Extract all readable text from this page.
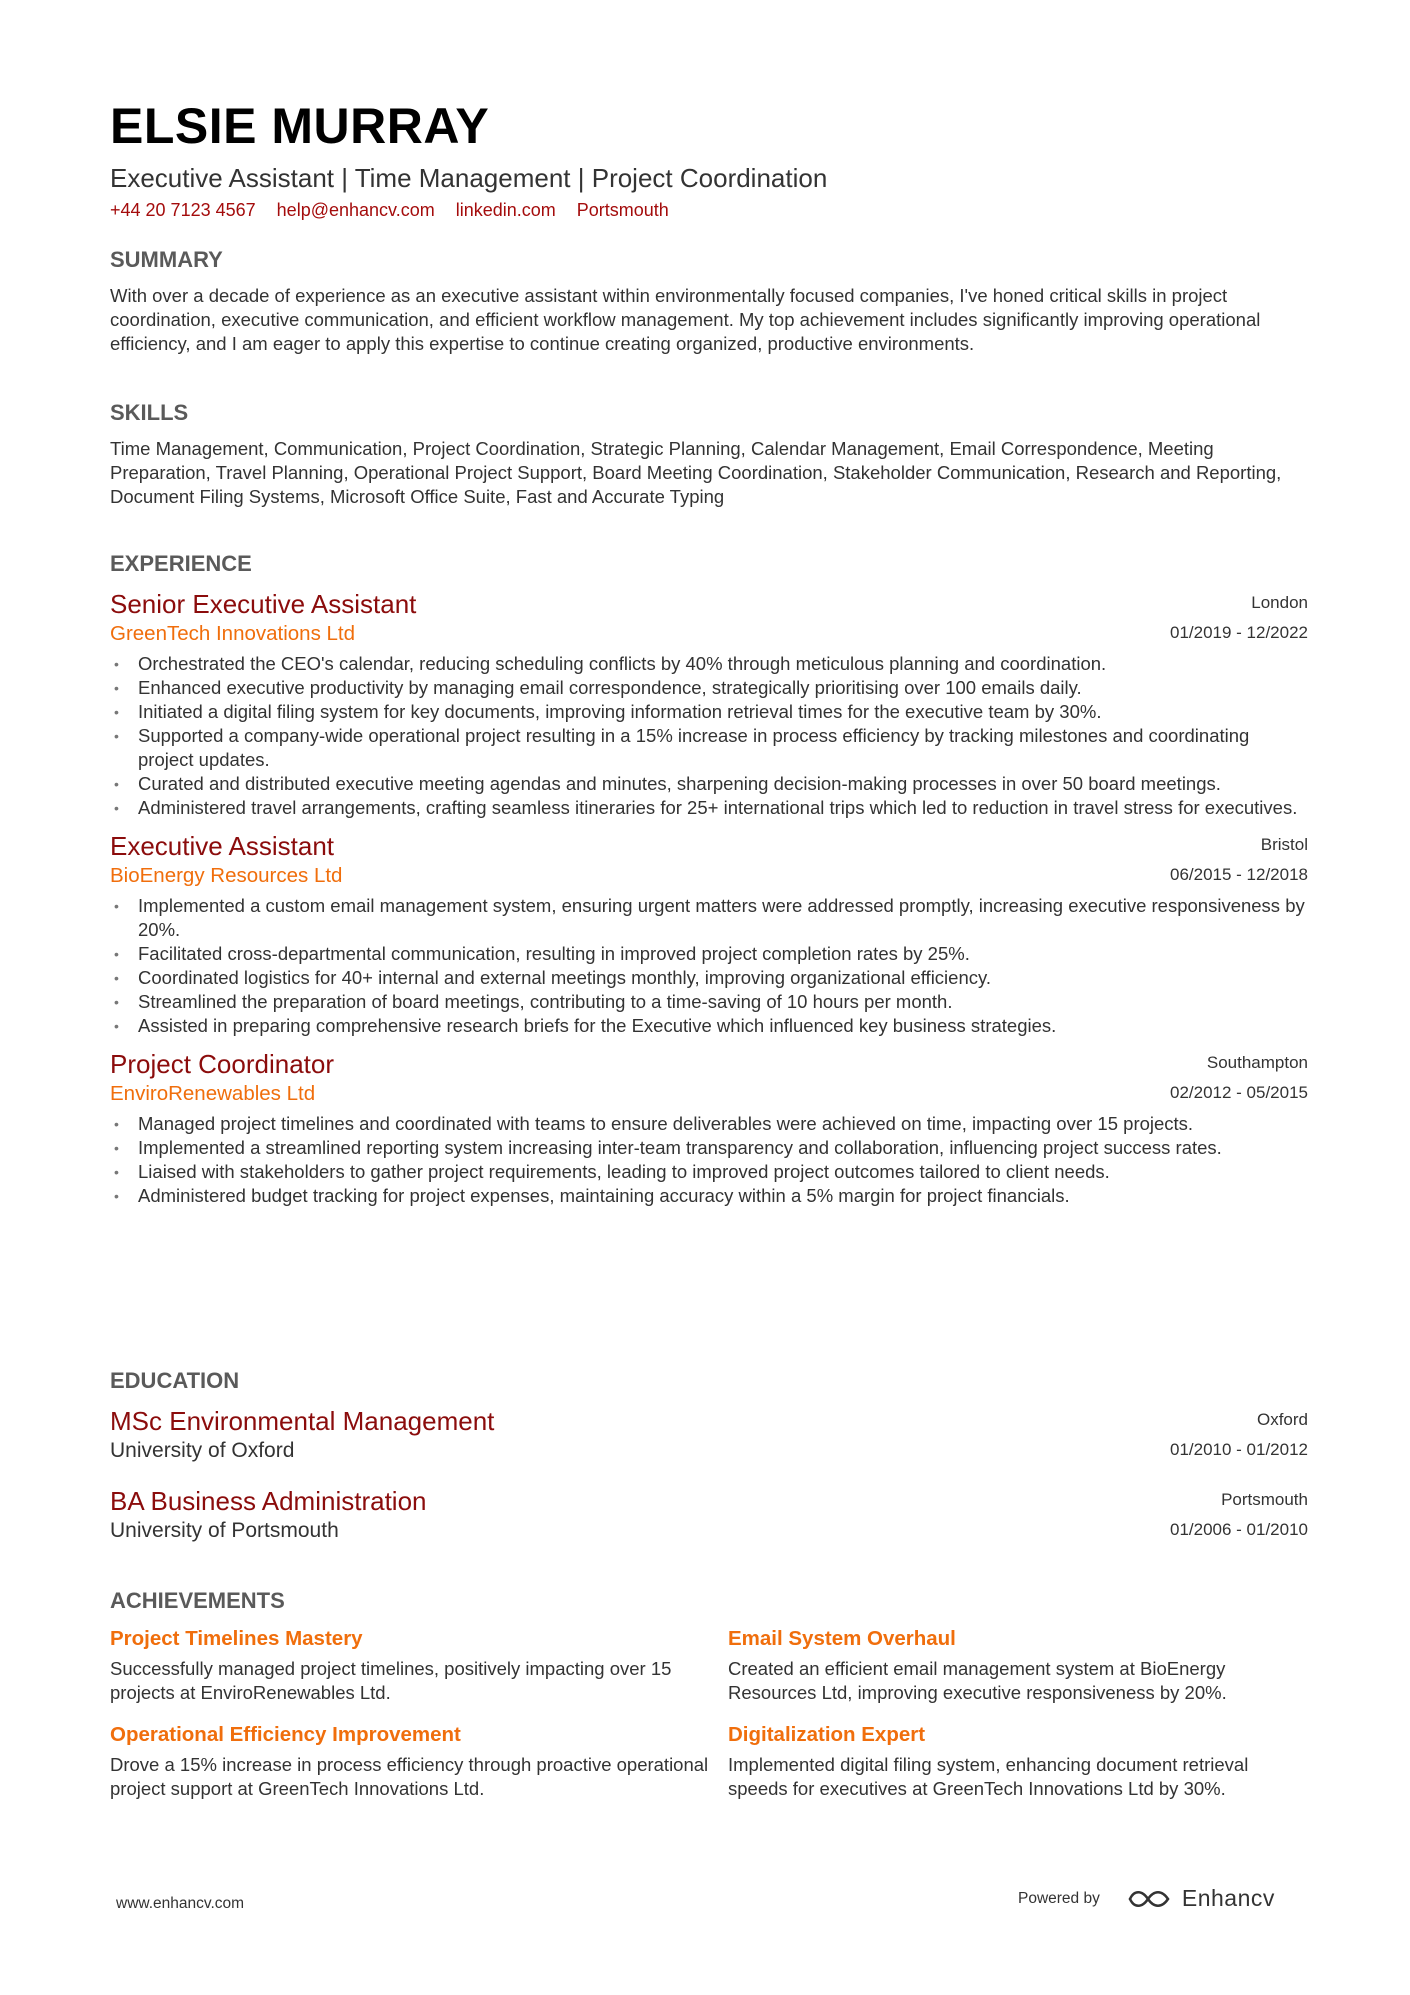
ELSIE MURRAY
Executive Assistant | Time Management | Project Coordination
+44 20 7123 4567 help@enhancv.com linkedin.com Portsmouth
SUMMARY
With over a decade of experience as an executive assistant within environmentally focused companies, I've honed critical skills in project coordination, executive communication, and efficient workflow management. My top achievement includes significantly improving operational efficiency, and I am eager to apply this expertise to continue creating organized, productive environments.
SKILLS
Time Management, Communication, Project Coordination, Strategic Planning, Calendar Management, Email Correspondence, Meeting Preparation, Travel Planning, Operational Project Support, Board Meeting Coordination, Stakeholder Communication, Research and Reporting, Document Filing Systems, Microsoft Office Suite, Fast and Accurate Typing
EXPERIENCE
Senior Executive Assistant
GreenTech Innovations Ltd
London
01/2019 - 12/2022
• Orchestrated the CEO's calendar, reducing scheduling conflicts by 40% through meticulous planning and coordination.
• Enhanced executive productivity by managing email correspondence, strategically prioritising over 100 emails daily.
• Initiated a digital filing system for key documents, improving information retrieval times for the executive team by 30%.
• Supported a company-wide operational project resulting in a 15% increase in process efficiency by tracking milestones and coordinating project updates.
• Curated and distributed executive meeting agendas and minutes, sharpening decision-making processes in over 50 board meetings.
• Administered travel arrangements, crafting seamless itineraries for 25+ international trips which led to reduction in travel stress for executives.
Executive Assistant
BioEnergy Resources Ltd
Bristol
06/2015 - 12/2018
• Implemented a custom email management system, ensuring urgent matters were addressed promptly, increasing executive responsiveness by 20%.
• Facilitated cross-departmental communication, resulting in improved project completion rates by 25%.
• Coordinated logistics for 40+ internal and external meetings monthly, improving organizational efficiency.
• Streamlined the preparation of board meetings, contributing to a time-saving of 10 hours per month.
• Assisted in preparing comprehensive research briefs for the Executive which influenced key business strategies.
Project Coordinator
EnviroRenewables Ltd
Southampton
02/2012 - 05/2015
• Managed project timelines and coordinated with teams to ensure deliverables were achieved on time, impacting over 15 projects.
• Implemented a streamlined reporting system increasing inter-team transparency and collaboration, influencing project success rates.
• Liaised with stakeholders to gather project requirements, leading to improved project outcomes tailored to client needs.
• Administered budget tracking for project expenses, maintaining accuracy within a 5% margin for project financials.
EDUCATION
MSc Environmental Management
University of Oxford
Oxford
01/2010 - 01/2012
BA Business Administration
University of Portsmouth
Portsmouth
01/2006 - 01/2010
ACHIEVEMENTS
Project Timelines Mastery
Successfully managed project timelines, positively impacting over 15 projects at EnviroRenewables Ltd.
Email System Overhaul
Created an efficient email management system at BioEnergy Resources Ltd, improving executive responsiveness by 20%.
Operational Efficiency Improvement
Drove a 15% increase in process efficiency through proactive operational project support at GreenTech Innovations Ltd.
Digitalization Expert
Implemented digital filing system, enhancing document retrieval speeds for executives at GreenTech Innovations Ltd by 30%.
www.enhancv.com	Powered by	Enhancv
